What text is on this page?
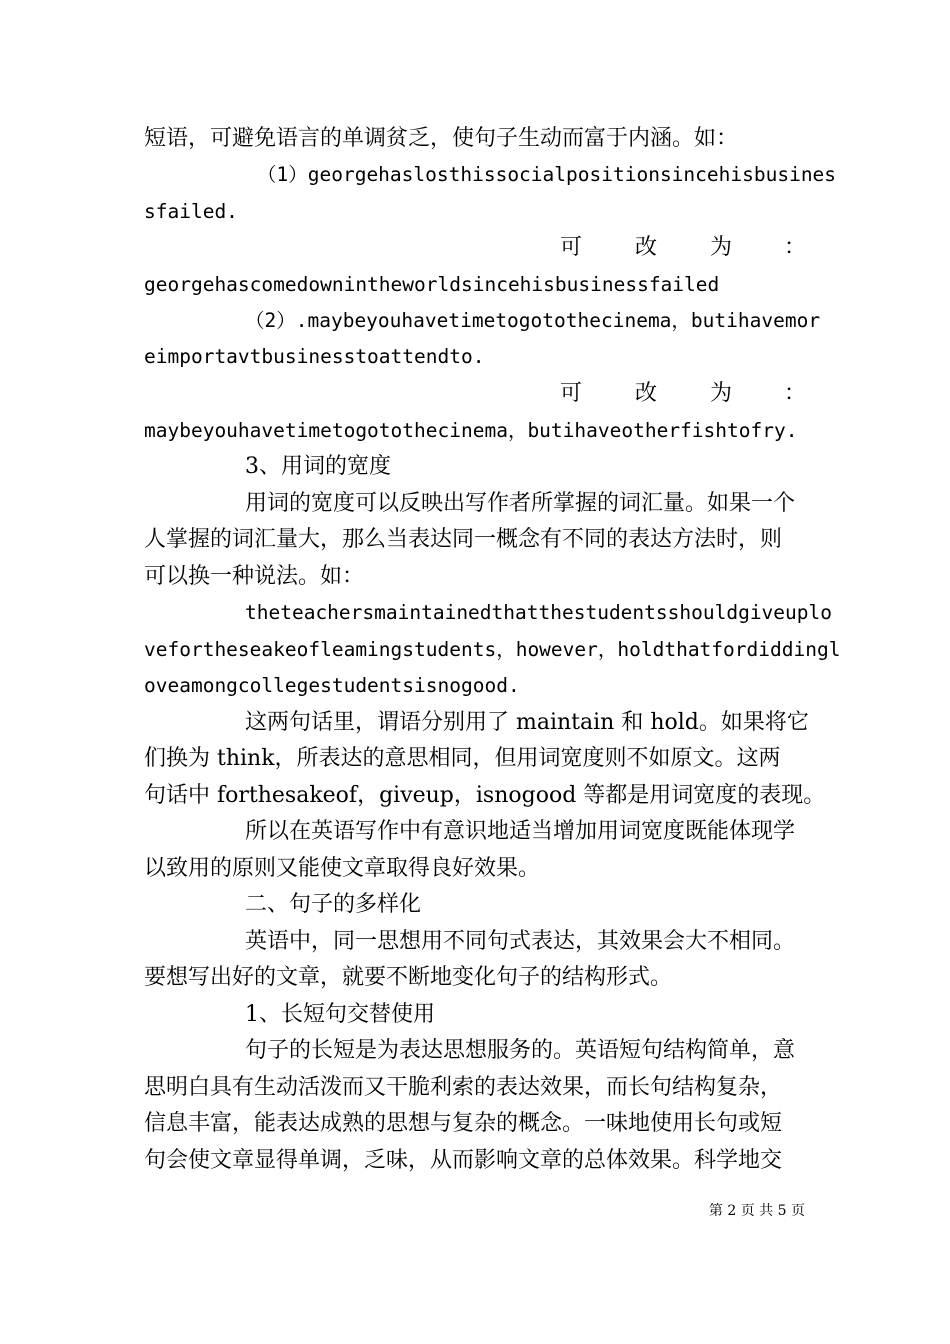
短语，可避免语言的单调贫乏，使句子生动而富于内涵。如：
（1）georgehaslosthissocialpositionsincehisbusines
sfailed.
可 改 为 ：
georgehascomedownintheworldsincehisbusinessfailed
（2）.maybeyouhavetimetogotothecinema，butihavemor
eimportavtbusinesstoattendto.
可 改 为 ：
maybeyouhavetimetogotothecinema，butihaveotherfishtofry.
3、用词的宽度
用词的宽度可以反映出写作者所掌握的词汇量。如果一个
人掌握的词汇量大，那么当表达同一概念有不同的表达方法时，则
可以换一种说法。如：
theteachersmaintainedthatthestudentsshouldgiveuplo
vefortheseakeofleamingstudents，however，holdthatfordiddingl
oveamongcollegestudentsisnogood.
这两句话里，谓语分别用了 maintain 和 hold。如果将它
们换为 think，所表达的意思相同，但用词宽度则不如原文。这两
句话中 forthesakeof，giveup，isnogood 等都是用词宽度的表现。
所以在英语写作中有意识地适当增加用词宽度既能体现学
以致用的原则又能使文章取得良好效果。
二、句子的多样化
英语中，同一思想用不同句式表达，其效果会大不相同。
要想写出好的文章，就要不断地变化句子的结构形式。
1、长短句交替使用
句子的长短是为表达思想服务的。英语短句结构简单，意
思明白具有生动活泼而又干脆利索的表达效果，而长句结构复杂，
信息丰富，能表达成熟的思想与复杂的概念。一味地使用长句或短
句会使文章显得单调，乏味，从而影响文章的总体效果。科学地交
第 2 页 共 5 页
